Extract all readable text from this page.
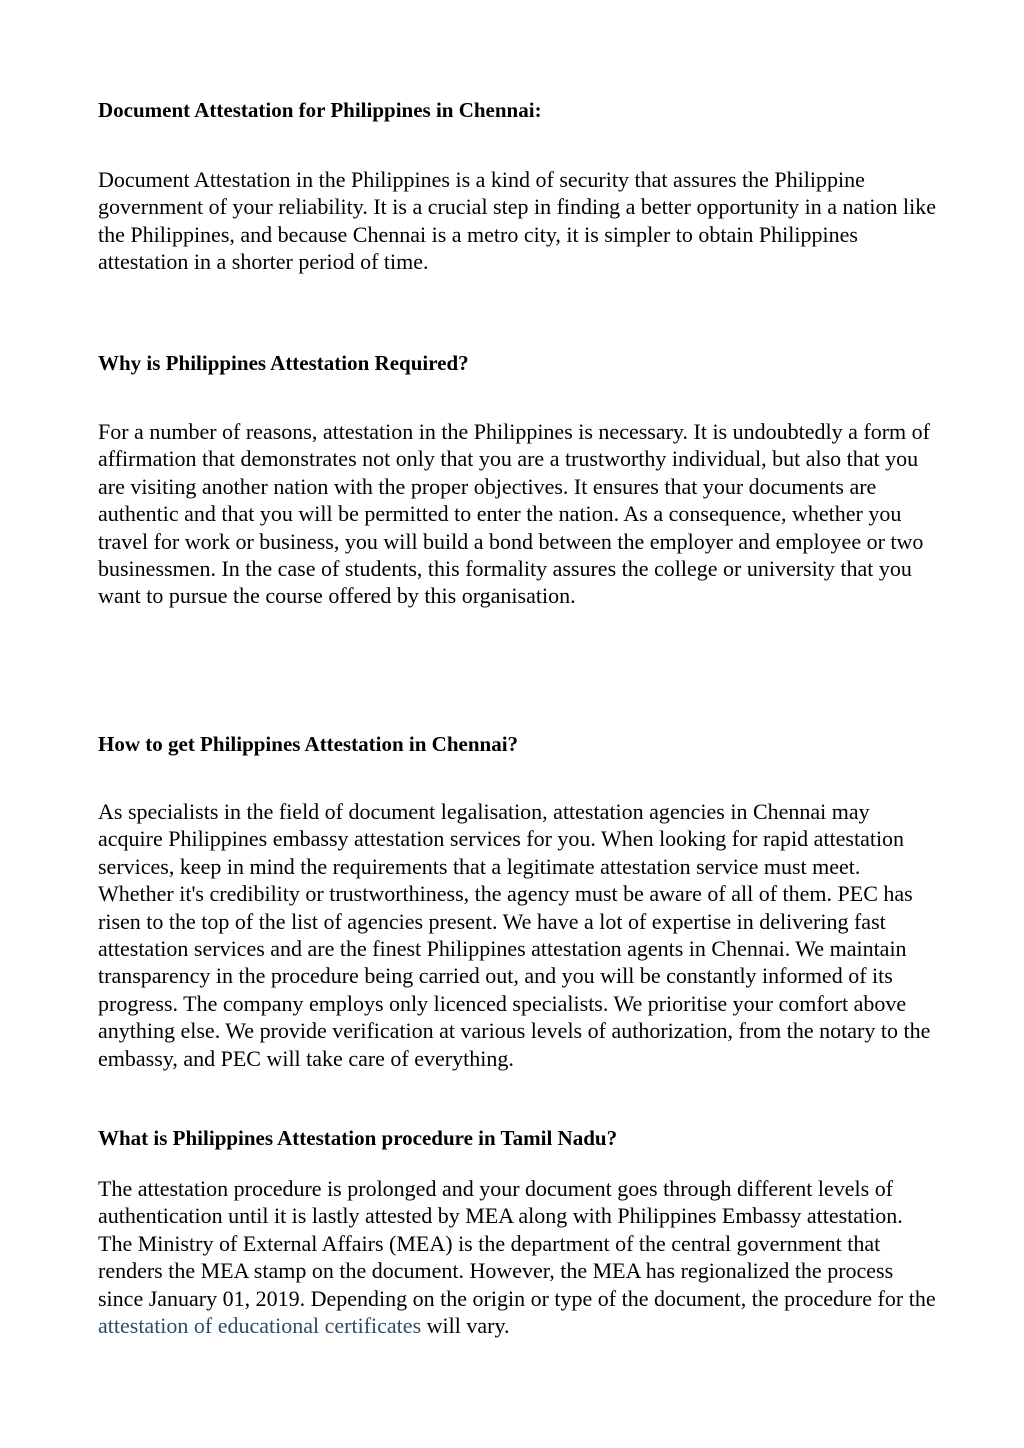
Document Attestation for Philippines in Chennai:

Document Attestation in the Philippines is a kind of security that assures the Philippine government of your reliability. It is a crucial step in finding a better opportunity in a nation like the Philippines, and because Chennai is a metro city, it is simpler to obtain Philippines attestation in a shorter period of time.

Why is Philippines Attestation Required?

For a number of reasons, attestation in the Philippines is necessary. It is undoubtedly a form of affirmation that demonstrates not only that you are a trustworthy individual, but also that you are visiting another nation with the proper objectives. It ensures that your documents are authentic and that you will be permitted to enter the nation. As a consequence, whether you travel for work or business, you will build a bond between the employer and employee or two businessmen. In the case of students, this formality assures the college or university that you want to pursue the course offered by this organisation.

How to get Philippines Attestation in Chennai?

As specialists in the field of document legalisation, attestation agencies in Chennai may acquire Philippines embassy attestation services for you. When looking for rapid attestation services, keep in mind the requirements that a legitimate attestation service must meet. Whether it's credibility or trustworthiness, the agency must be aware of all of them. PEC has risen to the top of the list of agencies present. We have a lot of expertise in delivering fast attestation services and are the finest Philippines attestation agents in Chennai. We maintain transparency in the procedure being carried out, and you will be constantly informed of its progress. The company employs only licenced specialists. We prioritise your comfort above anything else. We provide verification at various levels of authorization, from the notary to the embassy, and PEC will take care of everything.

What is Philippines Attestation procedure in Tamil Nadu?

The attestation procedure is prolonged and your document goes through different levels of authentication until it is lastly attested by MEA along with Philippines Embassy attestation. The Ministry of External Affairs (MEA) is the department of the central government that renders the MEA stamp on the document. However, the MEA has regionalized the process since January 01, 2019. Depending on the origin or type of the document, the procedure for the attestation of educational certificates will vary.
